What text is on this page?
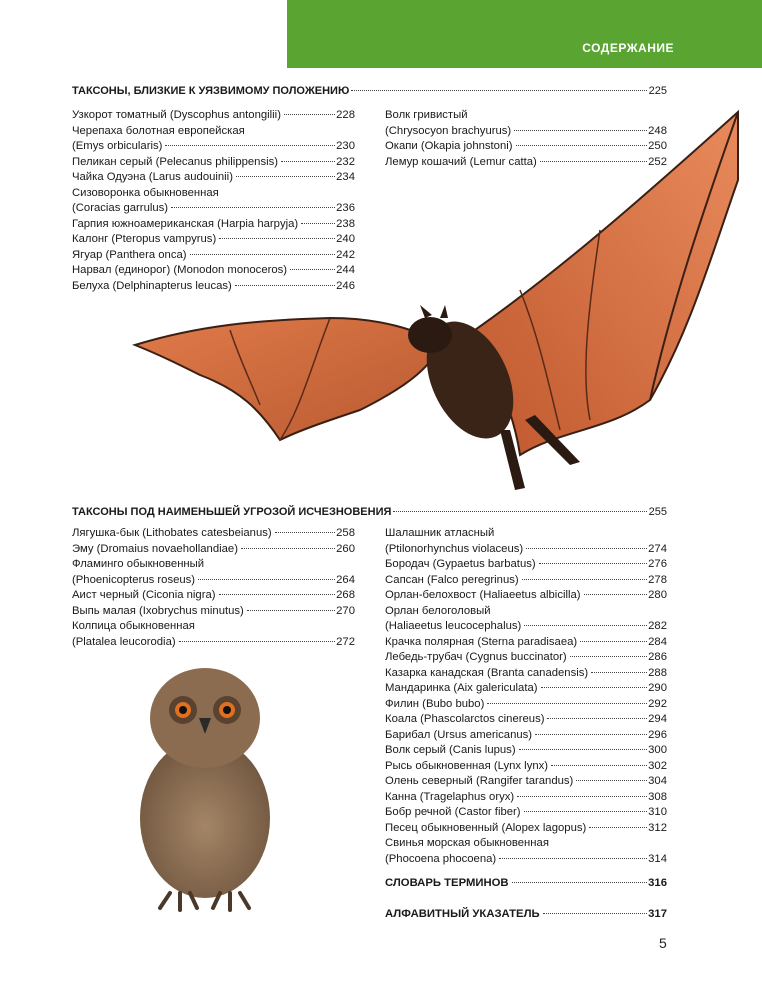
СОДЕРЖАНИЕ
ТАКСОНЫ, БЛИЗКИЕ К УЯЗВИМОМУ ПОЛОЖЕНИЮ	225
Узкорот томатный (Dyscophus antongilii)	228
Черепаха болотная европейская
(Emys orbicularis)	230
Пеликан серый (Pelecanus philippensis)	232
Чайка Одуэна (Larus audouinii)	234
Сизоворонка обыкновенная
(Coracias garrulus)	236
Гарпия южноамериканская (Harpia harpyja)	238
Калонг (Pteropus vampyrus)	240
Ягуар (Panthera onca)	242
Нарвал (единорог) (Monodon monoceros)	244
Белуха (Delphinapterus leucas)	246
Волк гривистый
(Chrysocyon brachyurus)	248
Окапи (Okapia johnstoni)	250
Лемур кошачий (Lemur catta)	252
ТАКСОНЫ ПОД НАИМЕНЬШЕЙ УГРОЗОЙ ИСЧЕЗНОВЕНИЯ	255
Лягушка-бык (Lithobates catesbeianus)	258
Эму (Dromaius novaehollandiae)	260
Фламинго обыкновенный
(Phoenicopterus roseus)	264
Аист черный (Ciconia nigra)	268
Выпь малая (Ixobrychus minutus)	270
Колпица обыкновенная
(Platalea leucorodia)	272
Шалашник атласный
(Ptilonorhynchus violaceus)	274
Бородач (Gypaetus barbatus)	276
Сапсан (Falco peregrinus)	278
Орлан-белохвост (Haliaeetus albicilla)	280
Орлан белоголовый
(Haliaeetus leucocephalus)	282
Крачка полярная (Sterna paradisaea)	284
Лебедь-трубач (Cygnus buccinator)	286
Казарка канадская (Branta canadensis)	288
Мандаринка (Aix galericulata)	290
Филин (Bubo bubo)	292
Коала (Phascolarctos cinereus)	294
Барибал (Ursus americanus)	296
Волк серый (Canis lupus)	300
Рысь обыкновенная (Lynx lynx)	302
Олень северный (Rangifer tarandus)	304
Канна (Tragelaphus oryx)	308
Бобр речной (Castor fiber)	310
Песец обыкновенный (Alopex lagopus)	312
Свинья морская обыкновенная
(Phocoena phocoena)	314
СЛОВАРЬ ТЕРМИНОВ	316
АЛФАВИТНЫЙ УКАЗАТЕЛЬ	317
5
